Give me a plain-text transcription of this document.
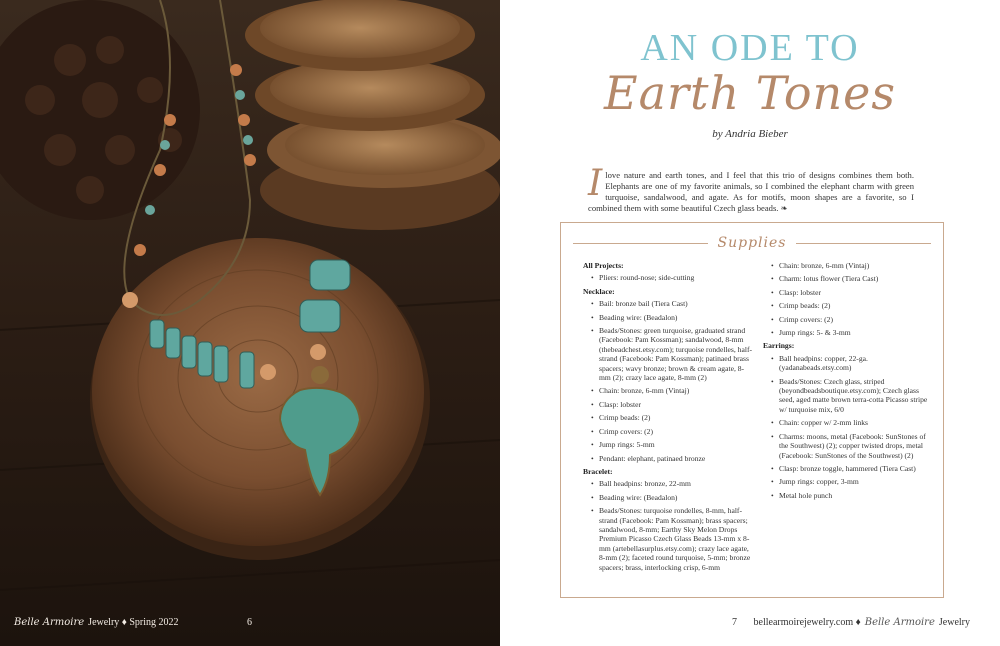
Belle Armoire Jewelry ♦ Spring 2022	6
AN ODE TO
Earth Tones
by Andria Bieber
I love nature and earth tones, and I feel that this trio of designs combines them both. Elephants are one of my favorite animals, so I combined the elephant charm with green turquoise, sandalwood, and agate. As for motifs, moon shapes are a favorite, so I combined them with some beautiful Czech glass beads. ❧
Supplies
All Projects:
• Pliers: round-nose; side-cutting
Necklace:
• Bail: bronze bail (Tiera Cast)
• Beading wire: (Beadalon)
• Beads/Stones: green turquoise, graduated strand (Facebook: Pam Kossman); sandalwood, 8-mm (thebeadchest.etsy.com); turquoise rondelles, half-strand (Facebook: Pam Kossman); patinaed brass spacers; wavy bronze; brown & cream agate, 8-mm (2); crazy lace agate, 8-mm (2)
• Chain: bronze, 6-mm (Vintaj)
• Clasp: lobster
• Crimp beads: (2)
• Crimp covers: (2)
• Jump rings: 5-mm
• Pendant: elephant, patinaed bronze
Bracelet:
• Ball headpins: bronze, 22-mm
• Beading wire: (Beadalon)
• Beads/Stones: turquoise rondelles, 8-mm, half-strand (Facebook: Pam Kossman); brass spacers; sandalwood, 8-mm; Earthy Sky Melon Drops Premium Picasso Czech Glass Beads 13-mm x 8-mm (artebellasurplus.etsy.com); crazy lace agate, 8-mm (2); faceted round turquoise, 5-mm; bronze spacers; brass, interlocking crisp, 6-mm
• Chain: bronze, 6-mm (Vintaj)
• Charm: lotus flower (Tiera Cast)
• Clasp: lobster
• Crimp beads: (2)
• Crimp covers: (2)
• Jump rings: 5- & 3-mm
Earrings:
• Ball headpins: copper, 22-ga. (yadanabeads.etsy.com)
• Beads/Stones: Czech glass, striped (beyondbeadsboutique.etsy.com); Czech glass seed, aged matte brown terra-cotta Picasso stripe w/ turquoise mix, 6/0
• Chain: copper w/ 2-mm links
• Charms: moons, metal (Facebook: SunStones of the Southwest) (2); copper twisted drops, metal (Facebook: SunStones of the Southwest) (2)
• Clasp: bronze toggle, hammered (Tiera Cast)
• Jump rings: copper, 3-mm
• Metal hole punch
7 bellearmoirejewelry.com ♦ Belle Armoire Jewelry
